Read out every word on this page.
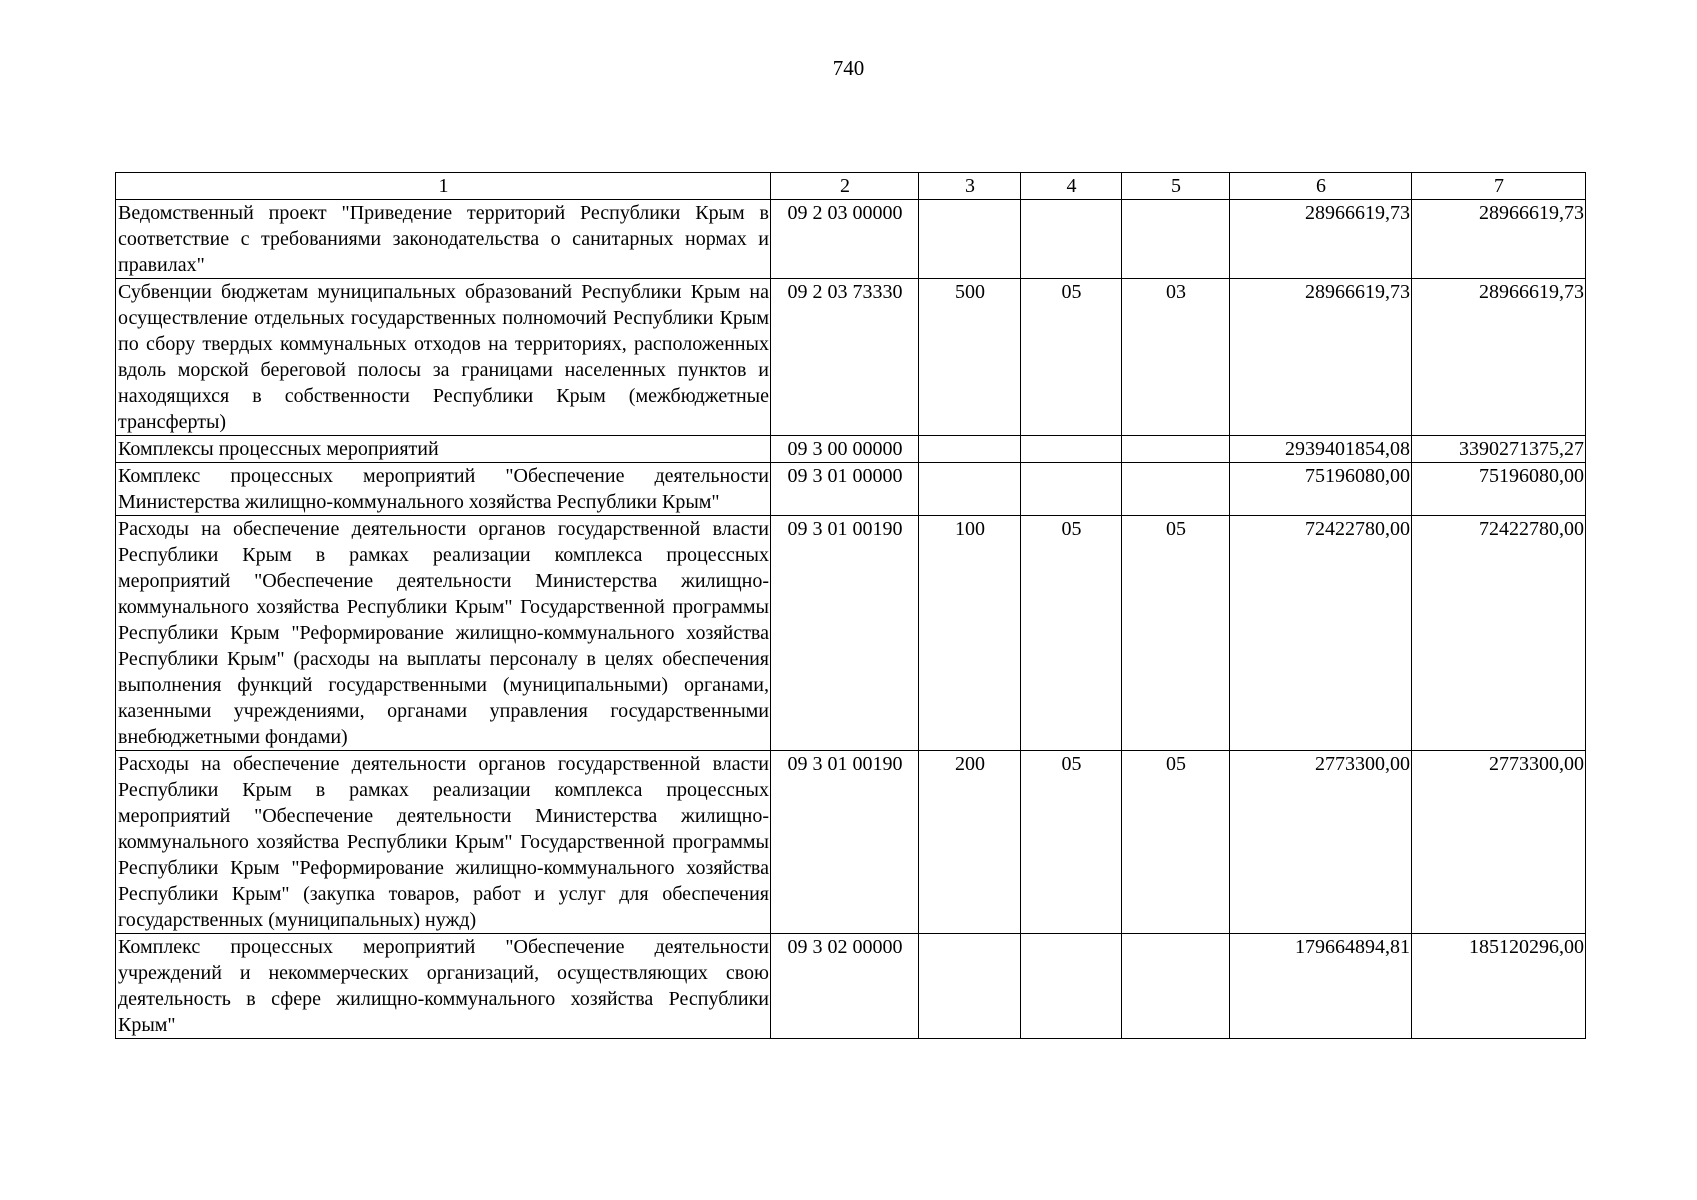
740
1	2	3	4	5	6	7
Ведомственный проект "Приведение территорий Республики Крым в соответствие с требованиями законодательства о санитарных нормах и правилах"	09 2 03 00000				28966619,73	28966619,73
Субвенции бюджетам муниципальных образований Республики Крым на осуществление отдельных государственных полномочий Республики Крым по сбору твердых коммунальных отходов на территориях, расположенных вдоль морской береговой полосы за границами населенных пунктов и находящихся в собственности Республики Крым (межбюджетные трансферты)	09 2 03 73330	500	05	03	28966619,73	28966619,73
Комплексы процессных мероприятий	09 3 00 00000				2939401854,08	3390271375,27
Комплекс процессных мероприятий "Обеспечение деятельности Министерства жилищно-коммунального хозяйства Республики Крым"	09 3 01 00000				75196080,00	75196080,00
Расходы на обеспечение деятельности органов государственной власти Республики Крым в рамках реализации комплекса процессных мероприятий "Обеспечение деятельности Министерства жилищно-коммунального хозяйства Республики Крым" Государственной программы Республики Крым "Реформирование жилищно-коммунального хозяйства Республики Крым" (расходы на выплаты персоналу в целях обеспечения выполнения функций государственными (муниципальными) органами, казенными учреждениями, органами управления государственными внебюджетными фондами)	09 3 01 00190	100	05	05	72422780,00	72422780,00
Расходы на обеспечение деятельности органов государственной власти Республики Крым в рамках реализации комплекса процессных мероприятий "Обеспечение деятельности Министерства жилищно-коммунального хозяйства Республики Крым" Государственной программы Республики Крым "Реформирование жилищно-коммунального хозяйства Республики Крым" (закупка товаров, работ и услуг для обеспечения государственных (муниципальных) нужд)	09 3 01 00190	200	05	05	2773300,00	2773300,00
Комплекс процессных мероприятий "Обеспечение деятельности учреждений и некоммерческих организаций, осуществляющих свою деятельность в сфере жилищно-коммунального хозяйства Республики Крым"	09 3 02 00000				179664894,81	185120296,00
